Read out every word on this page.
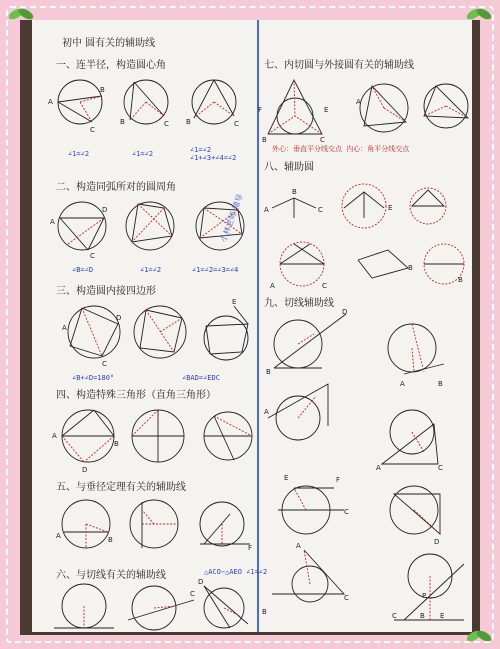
初中 圆有关的辅助线
一、连半径，构造圆心角
A
B
C
B	C B	C
∠1=∠2	∠1=∠2	∠1=∠2 ∠1+∠3+∠4=∠2
二、构造同弧所对的圆周角
A
D
C
∠B=∠D	∠1=∠2	∠1=∠2=∠3=∠4
三、构造圆内接四边形
A
D
C
E
∠B+∠D=180°	∠BAD=∠EDC
四、构造特殊三角形（直角三角形）
A
B
D
五、与垂径定理有关的辅助线
A	B
F
六、与切线有关的辅助线	△ACO∽△AEO ∠1=∠2
C
D
七、内切圆与外接圆有关的辅助线
F	E
B	C
A
外心：垂直平分线交点 内心：角平分线交点
八、辅助圆
A
B
C	E
A	C
B
B
九、切线辅助线
B
D
A	B
A
A	C
E	F
C
D
A
B
C
C	B E
P
小林老师 辅导
